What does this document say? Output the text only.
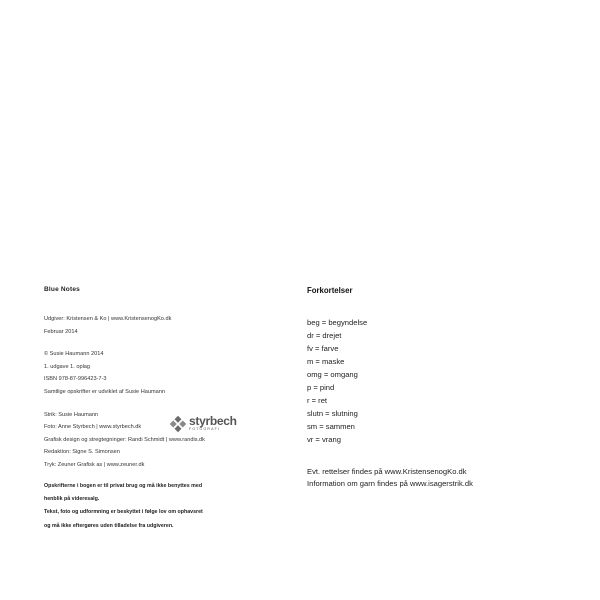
Blue Notes

Udgiver: Kristensen & Ko | www.KristensenogKo.dk

Februar 2014

© Susie Haumann 2014

1. udgave 1. oplag

ISBN 978-87-996423-7-3

Samtlige opskrifter er udviklet af Susie Haumann

Strik: Susie Haumann

Foto: Anne Styrbech | www.styrbech.dk

Grafisk design og stregtegninger: Randi Schmidt | www.randis.dk

Redaktion: Signe S. Simonsen

Tryk: Zeuner Grafisk as | www.zeuner.dk

styrbech
FOTOGRAFI

Opskrifterne i bogen er til privat brug og må ikke benyttes med

henblik på videresalg.

Tekst, foto og udformning er beskyttet i følge lov om ophavsret

og må ikke eftergøres uden tilladelse fra udgiveren.

Forkortelser

beg = begyndelse
dr = drejet
fv = farve
m = maske
omg = omgang
p = pind
r = ret
slutn = slutning
sm = sammen
vr = vrang

Evt. rettelser findes på www.KristensenogKo.dk

Information om garn findes på www.isagerstrik.dk
